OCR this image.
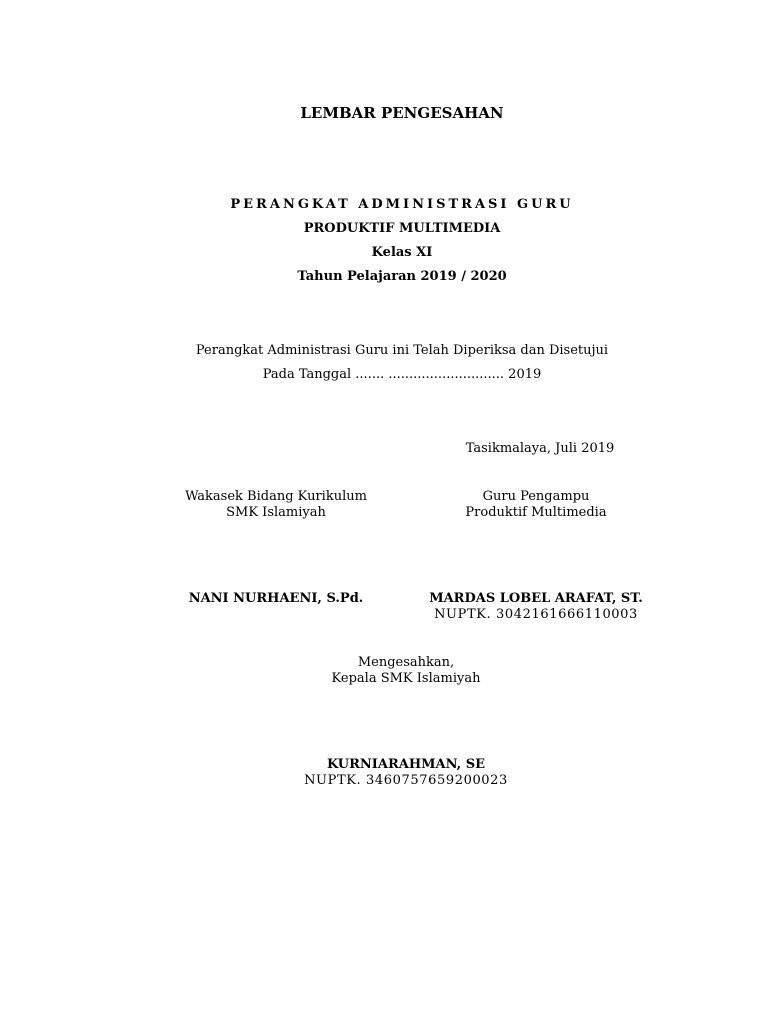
LEMBAR PENGESAHAN
PERANGKAT ADMINISTRASI GURU
PRODUKTIF MULTIMEDIA
Kelas XI
Tahun Pelajaran 2019 / 2020
Perangkat Administrasi Guru ini Telah Diperiksa dan Disetujui
Pada Tanggal ....... ............................ 2019
Tasikmalaya, Juli 2019
Wakasek Bidang Kurikulum
SMK Islamiyah
Guru Pengampu
Produktif Multimedia
NANI NURHAENI, S.Pd.	MARDAS LOBEL ARAFAT, ST.
NUPTK. 3042161666110003
Mengesahkan,
Kepala SMK Islamiyah
KURNIARAHMAN, SE
NUPTK. 3460757659200023
